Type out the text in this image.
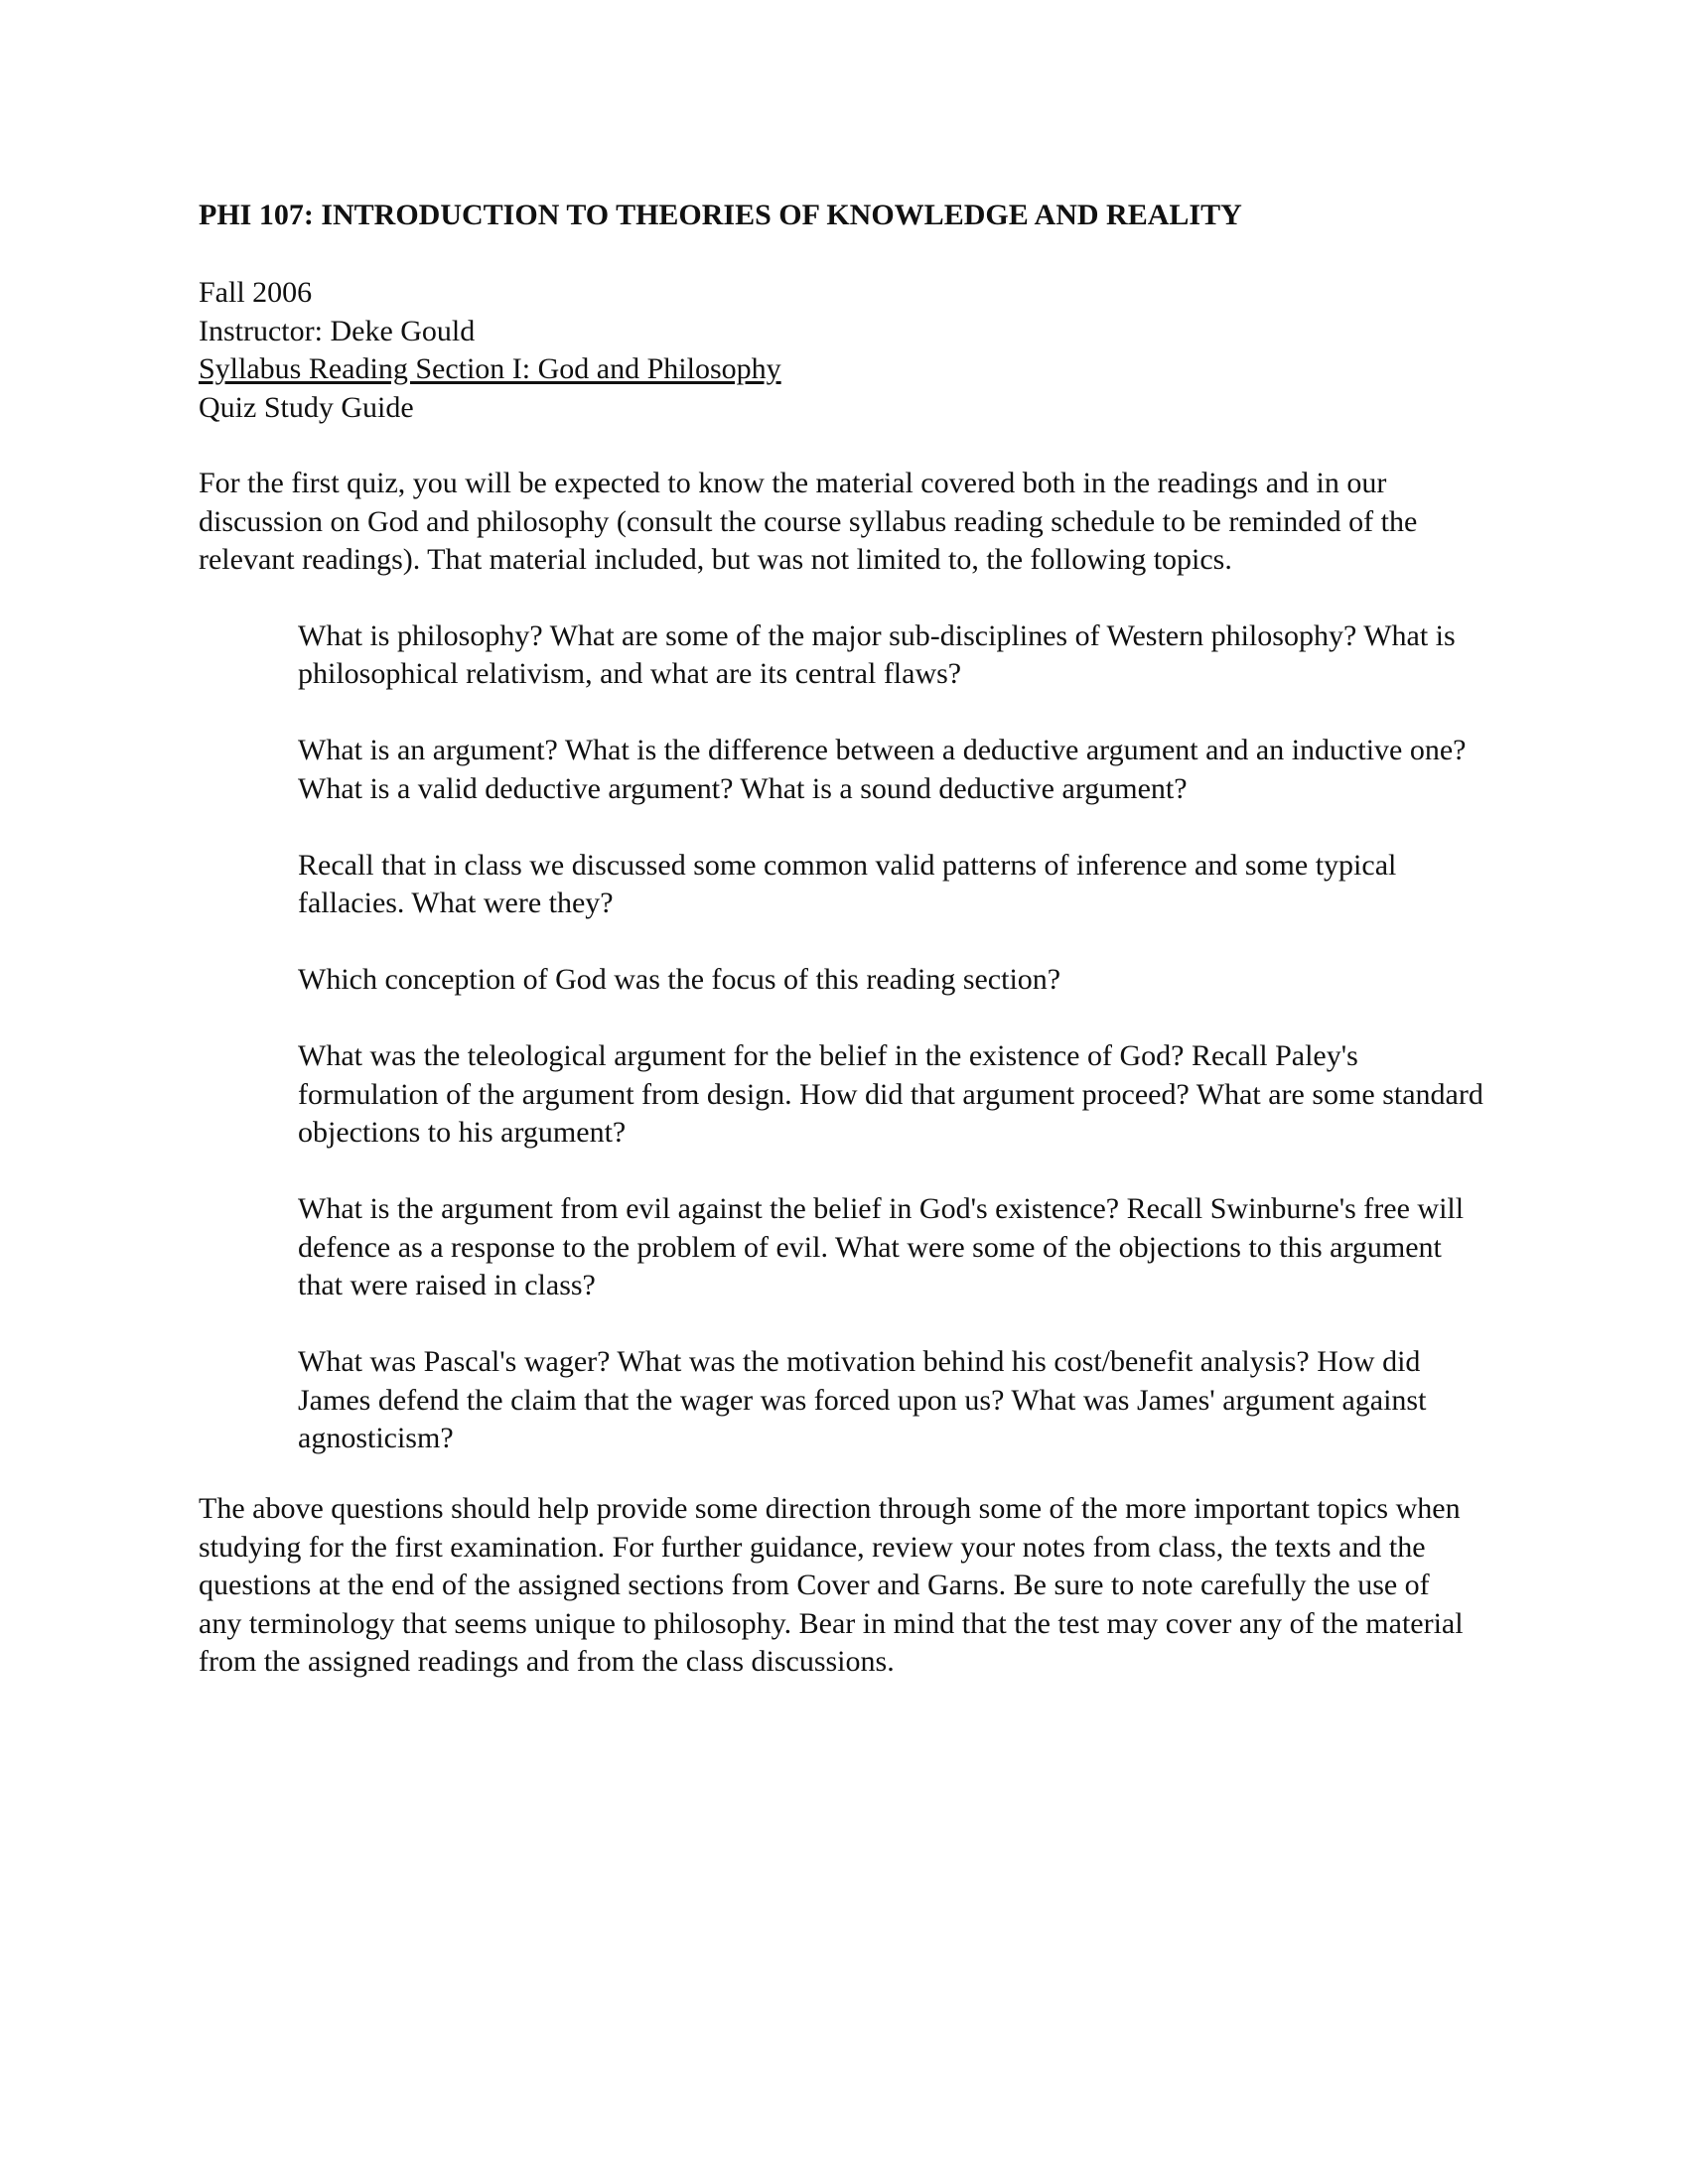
PHI 107: INTRODUCTION TO THEORIES OF KNOWLEDGE AND REALITY
Fall 2006
Instructor: Deke Gould
Syllabus Reading Section I: God and Philosophy
Quiz Study Guide

For the first quiz, you will be expected to know the material covered both in the readings and in our discussion on God and philosophy (consult the course syllabus reading schedule to be reminded of the relevant readings). That material included, but was not limited to, the following topics.

What is philosophy? What are some of the major sub-disciplines of Western philosophy? What is philosophical relativism, and what are its central flaws?

What is an argument? What is the difference between a deductive argument and an inductive one? What is a valid deductive argument? What is a sound deductive argument?

Recall that in class we discussed some common valid patterns of inference and some typical fallacies. What were they?

Which conception of God was the focus of this reading section?

What was the teleological argument for the belief in the existence of God? Recall Paley's formulation of the argument from design. How did that argument proceed? What are some standard objections to his argument?

What is the argument from evil against the belief in God's existence? Recall Swinburne's free will defence as a response to the problem of evil. What were some of the objections to this argument that were raised in class?

What was Pascal's wager? What was the motivation behind his cost/benefit analysis? How did James defend the claim that the wager was forced upon us? What was James' argument against agnosticism?

The above questions should help provide some direction through some of the more important topics when studying for the first examination. For further guidance, review your notes from class, the texts and the questions at the end of the assigned sections from Cover and Garns. Be sure to note carefully the use of any terminology that seems unique to philosophy. Bear in mind that the test may cover any of the material from the assigned readings and from the class discussions.
